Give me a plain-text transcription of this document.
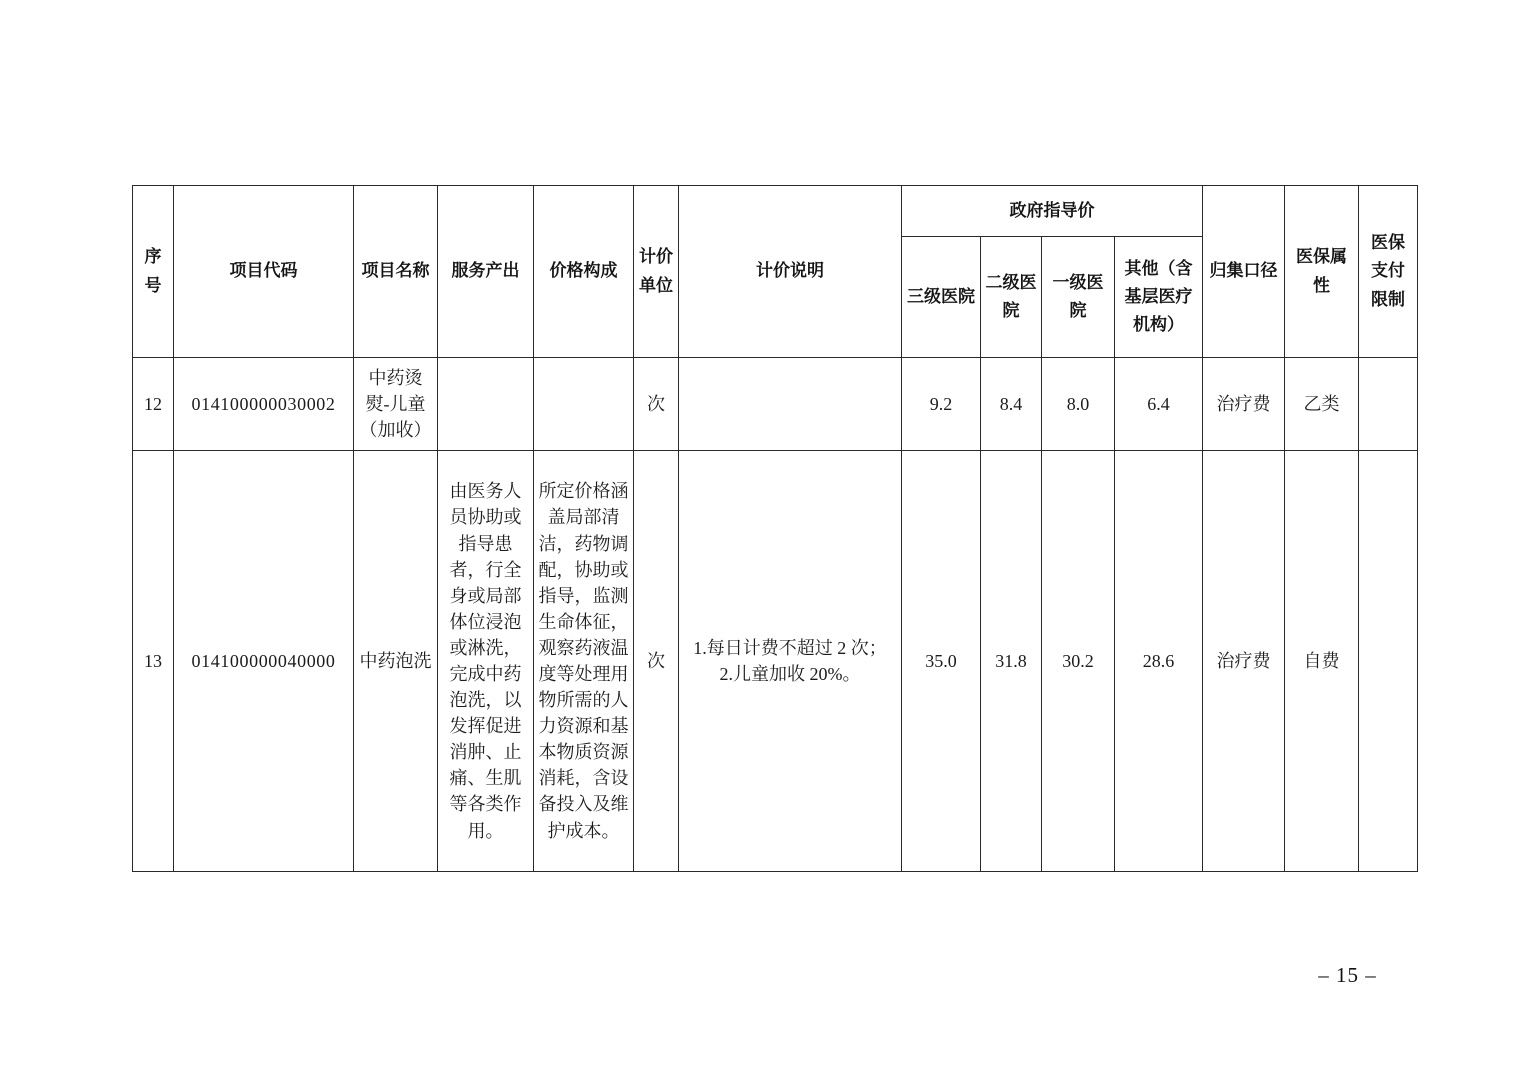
序号	项目代码	项目名称	服务产出	价格构成	计价单位	计价说明	政府指导价				归集口径	医保属性	医保支付限制
							三级医院	二级医院	一级医院	其他（含基层医疗机构）			
12	014100000030002	中药烫熨-儿童（加收）			次		9.2	8.4	8.0	6.4	治疗费	乙类	
13	014100000040000	中药泡洗	由医务人员协助或指导患者，行全身或局部体位浸泡或淋洗，完成中药泡洗，以发挥促进消肿、止痛、生肌等各类作用。	所定价格涵盖局部清洁，药物调配，协助或指导，监测生命体征，观察药液温度等处理用物所需的人力资源和基本物质资源消耗，含设备投入及维护成本。	次	1.每日计费不超过 2 次；
2.儿童加收 20%。	35.0	31.8	30.2	28.6	治疗费	自费	
– 15 –
